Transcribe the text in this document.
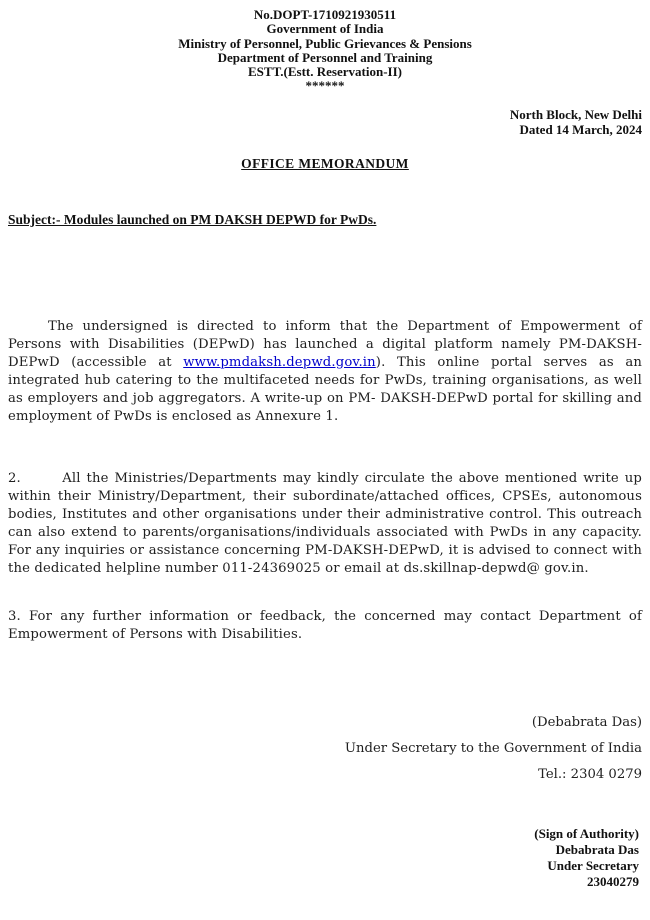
No.DOPT-1710921930511
Government of India
Ministry of Personnel, Public Grievances & Pensions
Department of Personnel and Training
ESTT.(Estt. Reservation-II)
******
North Block, New Delhi
Dated 14 March, 2024
OFFICE MEMORANDUM
Subject:- Modules launched on PM DAKSH DEPWD for PwDs.

The undersigned is directed to inform that the Department of Empowerment of Persons with Disabilities (DEPwD) has launched a digital platform namely PM-DAKSH-DEPwD (accessible at www.pmdaksh.depwd.gov.in). This online portal serves as an integrated hub catering to the multifaceted needs for PwDs, training organisations, as well as employers and job aggregators. A write-up on PM- DAKSH-DEPwD portal for skilling and employment of PwDs is enclosed as Annexure 1.

2.       All the Ministries/Departments may kindly circulate the above mentioned write up within their Ministry/Department, their subordinate/attached offices, CPSEs, autonomous bodies, Institutes and other organisations under their administrative control. This outreach can also extend to parents/organisations/individuals associated with PwDs in any capacity. For any inquiries or assistance concerning PM-DAKSH-DEPwD, it is advised to connect with the dedicated helpline number 011-24369025 or email at ds.skillnap-depwd@ gov.in.

3. For any further information or feedback, the concerned may contact Department of Empowerment of Persons with Disabilities.

(Debabrata Das)
Under Secretary to the Government of India
Tel.: 2304 0279
(Sign of Authority)
Debabrata Das
Under Secretary
23040279
